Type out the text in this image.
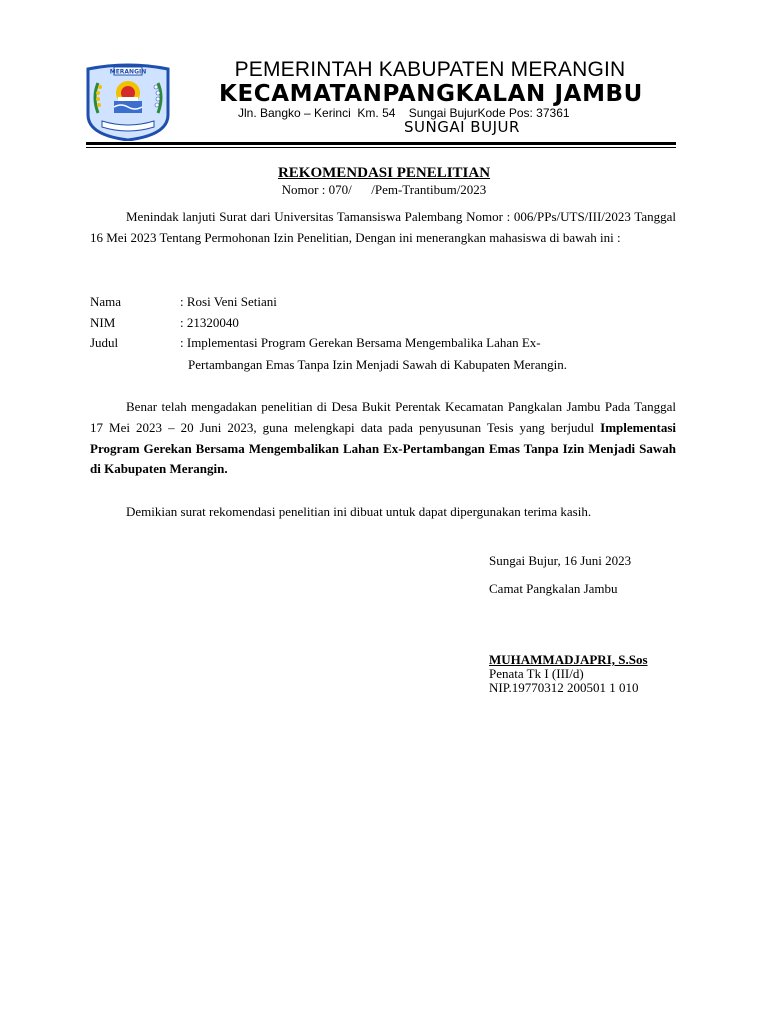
MERANGIN	PEMERINTAH KABUPATEN MERANGIN
KECAMATANPANGKALAN JAMBU
Jln. Bangko – Kerinci  Km. 54    Sungai BujurKode Pos: 37361
SUNGAI BUJUR
REKOMENDASI PENELITIAN
Nomor : 070/      /Pem-Trantibum/2023
Menindak lanjuti Surat dari Universitas Tamansiswa Palembang Nomor : 006/PPs/UTS/III/2023 Tanggal 16 Mei 2023 Tentang Permohonan Izin Penelitian, Dengan ini menerangkan mahasiswa di bawah ini :
Nama	: Rosi Veni Setiani
NIM	: 21320040
Judul	: Implementasi Program Gerekan Bersama Mengembalika Lahan Ex-
Pertambangan Emas Tanpa Izin Menjadi Sawah di Kabupaten Merangin.
Benar telah mengadakan penelitian di Desa Bukit Perentak Kecamatan Pangkalan Jambu Pada Tanggal 17 Mei 2023 – 20 Juni 2023, guna melengkapi data pada penyusunan Tesis yang berjudul Implementasi Program Gerekan Bersama Mengembalikan Lahan Ex-Pertambangan Emas Tanpa Izin Menjadi Sawah di Kabupaten Merangin.
Demikian surat rekomendasi penelitian ini dibuat untuk dapat dipergunakan terima kasih.
Sungai Bujur, 16 Juni 2023
Camat Pangkalan Jambu
MUHAMMADJAPRI, S.Sos
Penata Tk I (III/d)
NIP.19770312 200501 1 010
